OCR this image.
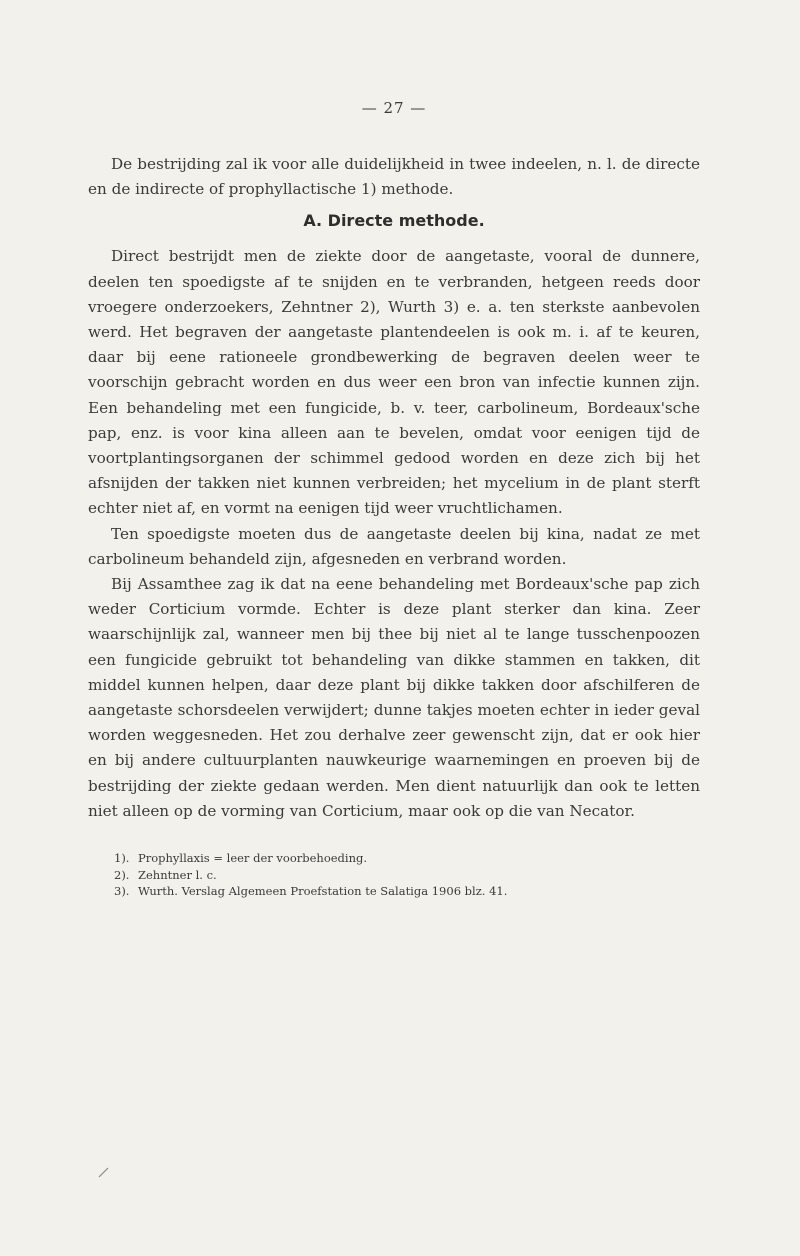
— 27 —

De bestrijding zal ik voor alle duidelijkheid in twee indeelen, n. l. de directe en de indirecte of prophyllactische 1) methode.

A. Directe methode.

Direct bestrijdt men de ziekte door de aangetaste, vooral de dunnere, deelen ten spoedigste af te snijden en te verbranden, hetgeen reeds door vroegere onderzoekers, Zehntner 2), Wurth 3) e. a. ten sterkste aanbevolen werd. Het begraven der aangetaste plantendeelen is ook m. i. af te keuren, daar bij eene rationeele grondbewerking de begraven deelen weer te voorschijn gebracht worden en dus weer een bron van infectie kunnen zijn. Een behandeling met een fungicide, b. v. teer, carbolineum, Bordeaux'sche pap, enz. is voor kina alleen aan te bevelen, omdat voor eenigen tijd de voortplantingsorganen der schimmel gedood worden en deze zich bij het afsnijden der takken niet kunnen verbreiden; het mycelium in de plant sterft echter niet af, en vormt na eenigen tijd weer vruchtlichamen.

Ten spoedigste moeten dus de aangetaste deelen bij kina, nadat ze met carbolineum behandeld zijn, afgesneden en verbrand worden.

Bij Assamthee zag ik dat na eene behandeling met Bordeaux'sche pap zich weder Corticium vormde. Echter is deze plant sterker dan kina. Zeer waarschijnlijk zal, wanneer men bij thee bij niet al te lange tusschenpoozen een fungicide gebruikt tot behandeling van dikke stammen en takken, dit middel kunnen helpen, daar deze plant bij dikke takken door afschilferen de aangetaste schorsdeelen verwijdert; dunne takjes moeten echter in ieder geval worden weggesneden. Het zou derhalve zeer gewenscht zijn, dat er ook hier en bij andere cultuurplanten nauwkeurige waarnemingen en proeven bij de bestrijding der ziekte gedaan werden. Men dient natuurlijk dan ook te letten niet alleen op de vorming van Corticium, maar ook op die van Necator.

1). Prophyllaxis = leer der voorbehoeding.
2). Zehntner l. c.
3). Wurth. Verslag Algemeen Proefstation te Salatiga 1906 blz. 41.
